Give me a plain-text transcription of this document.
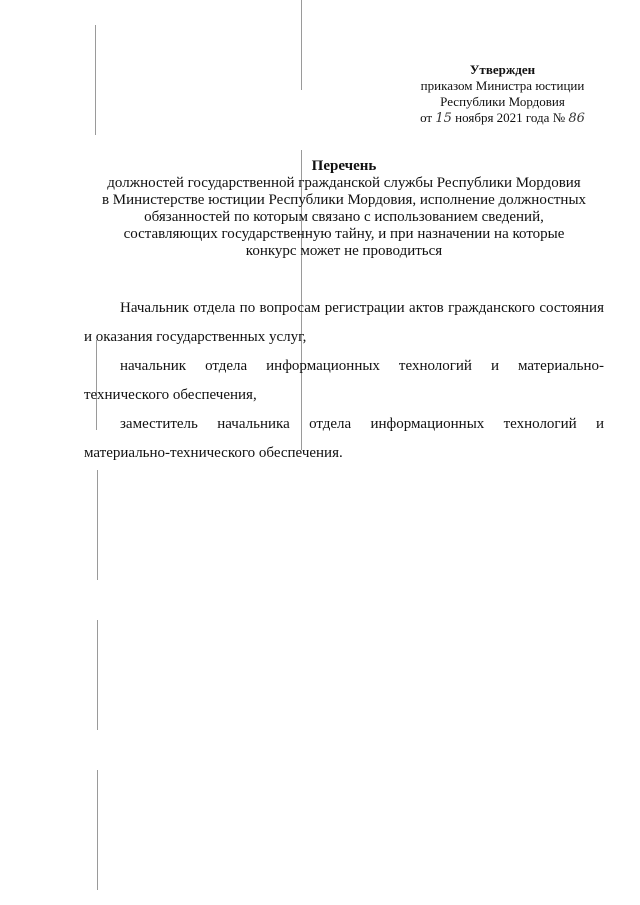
Утвержден
приказом Министра юстиции
Республики Мордовия
от 15 ноября 2021 года № 86
Перечень
должностей государственной гражданской службы Республики Мордовия
в Министерстве юстиции Республики Мордовия, исполнение должностных
обязанностей по которым связано с использованием сведений,
составляющих государственную тайну, и при назначении на которые
конкурс может не проводиться

Начальник отдела по вопросам регистрации актов гражданского состояния и оказания государственных услуг,

начальник отдела информационных технологий и материально-технического обеспечения,

заместитель начальника отдела информационных технологий и материально-технического обеспечения.
